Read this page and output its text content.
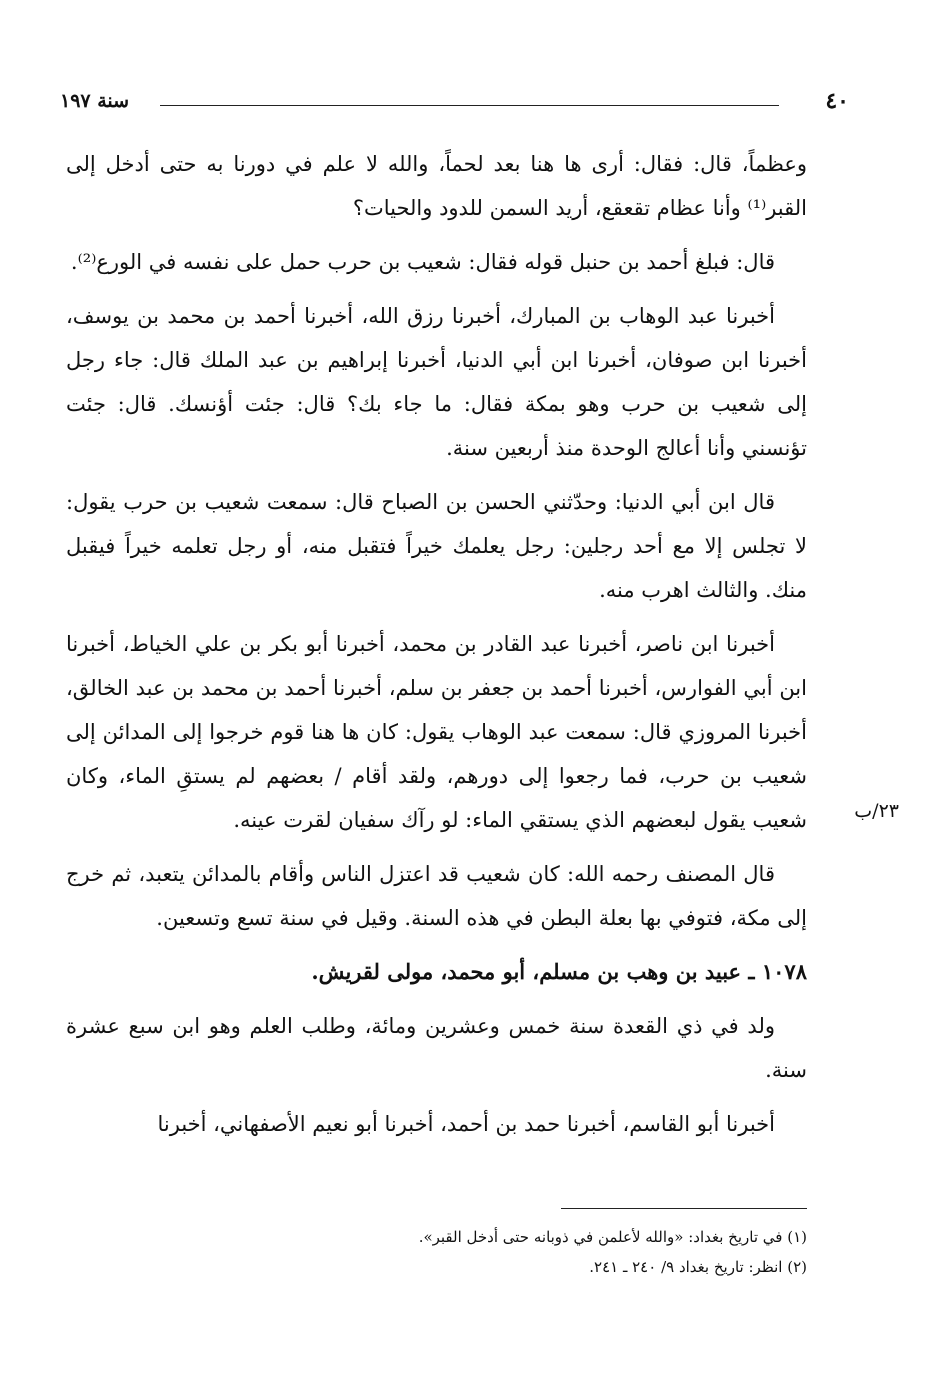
٤٠
سنة ١٩٧
٢٣/ب

وعظماً، قال: فقال: أرى ها هنا بعد لحماً، والله لا علم في دورنا به حتى أدخل إلى القبر⁽¹⁾ وأنا عظام تقعقع، أريد السمن للدود والحيات؟

قال: فبلغ أحمد بن حنبل قوله فقال: شعيب بن حرب حمل على نفسه في الورع⁽²⁾.

أخبرنا عبد الوهاب بن المبارك، أخبرنا رزق الله، أخبرنا أحمد بن محمد بن يوسف، أخبرنا ابن صوفان، أخبرنا ابن أبي الدنيا، أخبرنا إبراهيم بن عبد الملك قال: جاء رجل إلى شعيب بن حرب وهو بمكة فقال: ما جاء بك؟ قال: جئت أؤنسك. قال: جئت تؤنسني وأنا أعالج الوحدة منذ أربعين سنة.

قال ابن أبي الدنيا: وحدّثني الحسن بن الصباح قال: سمعت شعيب بن حرب يقول: لا تجلس إلا مع أحد رجلين: رجل يعلمك خيراً فتقبل منه، أو رجل تعلمه خيراً فيقبل منك. والثالث اهرب منه.

أخبرنا ابن ناصر، أخبرنا عبد القادر بن محمد، أخبرنا أبو بكر بن علي الخياط، أخبرنا ابن أبي الفوارس، أخبرنا أحمد بن جعفر بن سلم، أخبرنا أحمد بن محمد بن عبد الخالق، أخبرنا المروزي قال: سمعت عبد الوهاب يقول: كان ها هنا قوم خرجوا إلى المدائن إلى شعيب بن حرب، فما رجعوا إلى دورهم، ولقد أقام / بعضهم لم يستقِ الماء، وكان شعيب يقول لبعضهم الذي يستقي الماء: لو رآك سفيان لقرت عينه.

قال المصنف رحمه الله: كان شعيب قد اعتزل الناس وأقام بالمدائن يتعبد، ثم خرج إلى مكة، فتوفي بها بعلة البطن في هذه السنة. وقيل في سنة تسع وتسعين.

١٠٧٨ ـ عبيد بن وهب بن مسلم، أبو محمد، مولى لقريش.

ولد في ذي القعدة سنة خمس وعشرين ومائة، وطلب العلم وهو ابن سبع عشرة سنة.

أخبرنا أبو القاسم، أخبرنا حمد بن أحمد، أخبرنا أبو نعيم الأصفهاني، أخبرنا

(١) في تاريخ بغداد: «والله لأعلمن في ذوبانه حتى أدخل القبر».

(٢) انظر: تاريخ بغداد ٩/ ٢٤٠ ـ ٢٤١.
